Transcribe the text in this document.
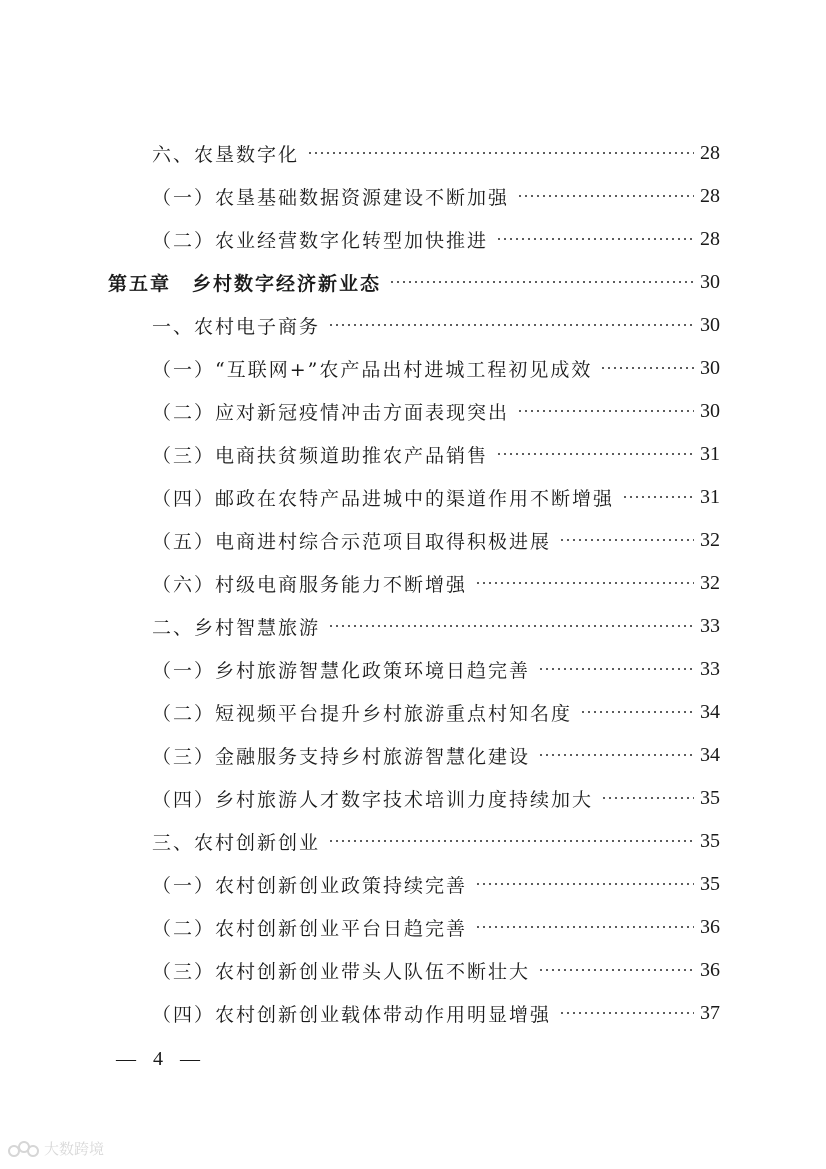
六、农垦数字化	28
（一）农垦基础数据资源建设不断加强	28
（二）农业经营数字化转型加快推进	28
第五章　乡村数字经济新业态	30
一、农村电子商务	30
（一）“互联网+”农产品出村进城工程初见成效	30
（二）应对新冠疫情冲击方面表现突出	30
（三）电商扶贫频道助推农产品销售	31
（四）邮政在农特产品进城中的渠道作用不断增强	31
（五）电商进村综合示范项目取得积极进展	32
（六）村级电商服务能力不断增强	32
二、乡村智慧旅游	33
（一）乡村旅游智慧化政策环境日趋完善	33
（二）短视频平台提升乡村旅游重点村知名度	34
（三）金融服务支持乡村旅游智慧化建设	34
（四）乡村旅游人才数字技术培训力度持续加大	35
三、农村创新创业	35
（一）农村创新创业政策持续完善	35
（二）农村创新创业平台日趋完善	36
（三）农村创新创业带头人队伍不断壮大	36
（四）农村创新创业载体带动作用明显增强	37
— 4 —
大数跨境
